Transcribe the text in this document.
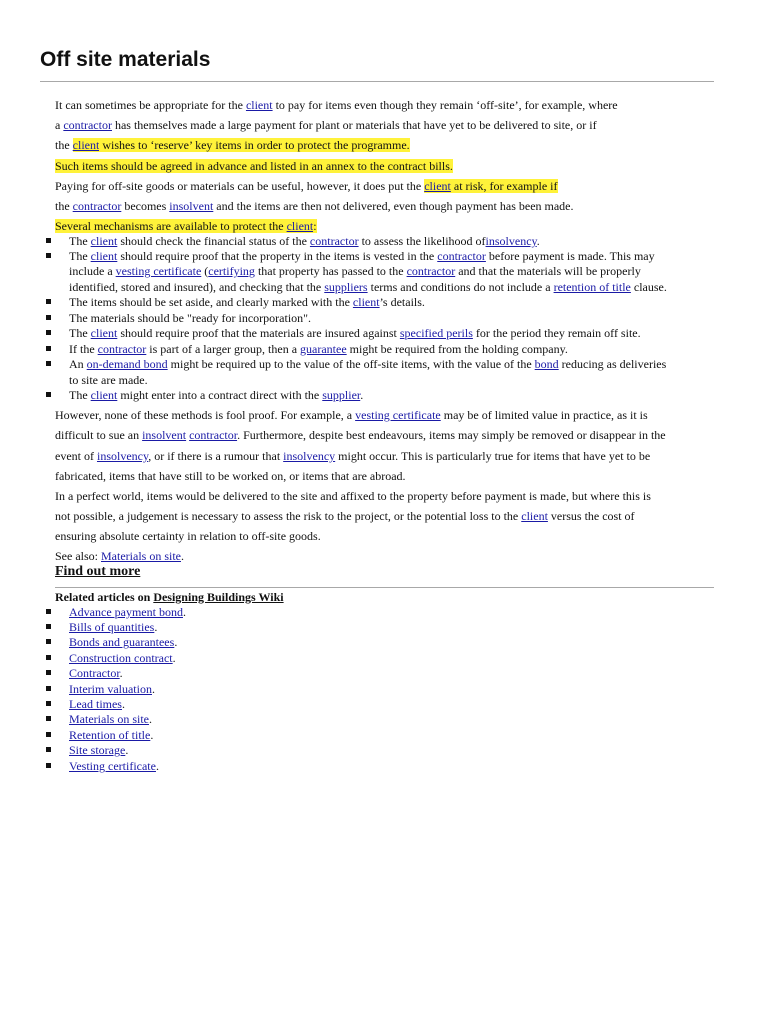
Off site materials
It can sometimes be appropriate for the client to pay for items even though they remain ‘off-site’, for example, where
a contractor has themselves made a large payment for plant or materials that have yet to be delivered to site, or if
the client wishes to ‘reserve’ key items in order to protect the programme.
Such items should be agreed in advance and listed in an annex to the contract bills.
Paying for off-site goods or materials can be useful, however, it does put the client at risk, for example if
the contractor becomes insolvent and the items are then not delivered, even though payment has been made.
Several mechanisms are available to protect the client:
The client should check the financial status of the contractor to assess the likelihood ofinsolvency.
The client should require proof that the property in the items is vested in the contractor before payment is made. This may
include a vesting certificate (certifying that property has passed to the contractor and that the materials will be properly
identified, stored and insured), and checking that the suppliers terms and conditions do not include a retention of title clause.
The items should be set aside, and clearly marked with the client’s details.
The materials should be "ready for incorporation".
The client should require proof that the materials are insured against specified perils for the period they remain off site.
If the contractor is part of a larger group, then a guarantee might be required from the holding company.
An on-demand bond might be required up to the value of the off-site items, with the value of the bond reducing as deliveries
to site are made.
The client might enter into a contract direct with the supplier.
However, none of these methods is fool proof. For example, a vesting certificate may be of limited value in practice, as it is
difficult to sue an insolvent contractor. Furthermore, despite best endeavours, items may simply be removed or disappear in the
event of insolvency, or if there is a rumour that insolvency might occur. This is particularly true for items that have yet to be
fabricated, items that have still to be worked on, or items that are abroad.
In a perfect world, items would be delivered to the site and affixed to the property before payment is made, but where this is
not possible, a judgement is necessary to assess the risk to the project, or the potential loss to the client versus the cost of
ensuring absolute certainty in relation to off-site goods.
See also: Materials on site.
Find out more
Related articles on Designing Buildings Wiki
Advance payment bond.
Bills of quantities.
Bonds and guarantees.
Construction contract.
Contractor.
Interim valuation.
Lead times.
Materials on site.
Retention of title.
Site storage.
Vesting certificate.
